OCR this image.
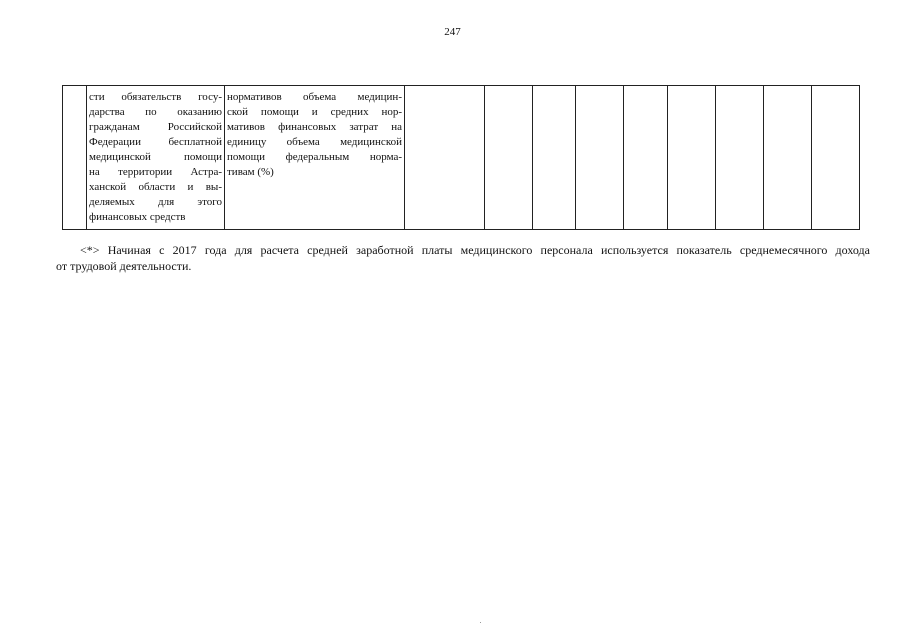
247

сти обязательств госу-
дарства по оказанию
гражданам Российской
Федерации бесплатной
медицинской помощи
на территории Астра-
ханской области и вы-
деляемых для этого
финансовых средств

нормативов объема медицин-
ской помощи и средних нор-
мативов финансовых затрат на
единицу объема медицинской
помощи федеральным норма-
тивам (%)

<*> Начиная с 2017 года для расчета средней заработной платы медицинского персонала используется показатель среднемесячного дохода
от трудовой деятельности.
